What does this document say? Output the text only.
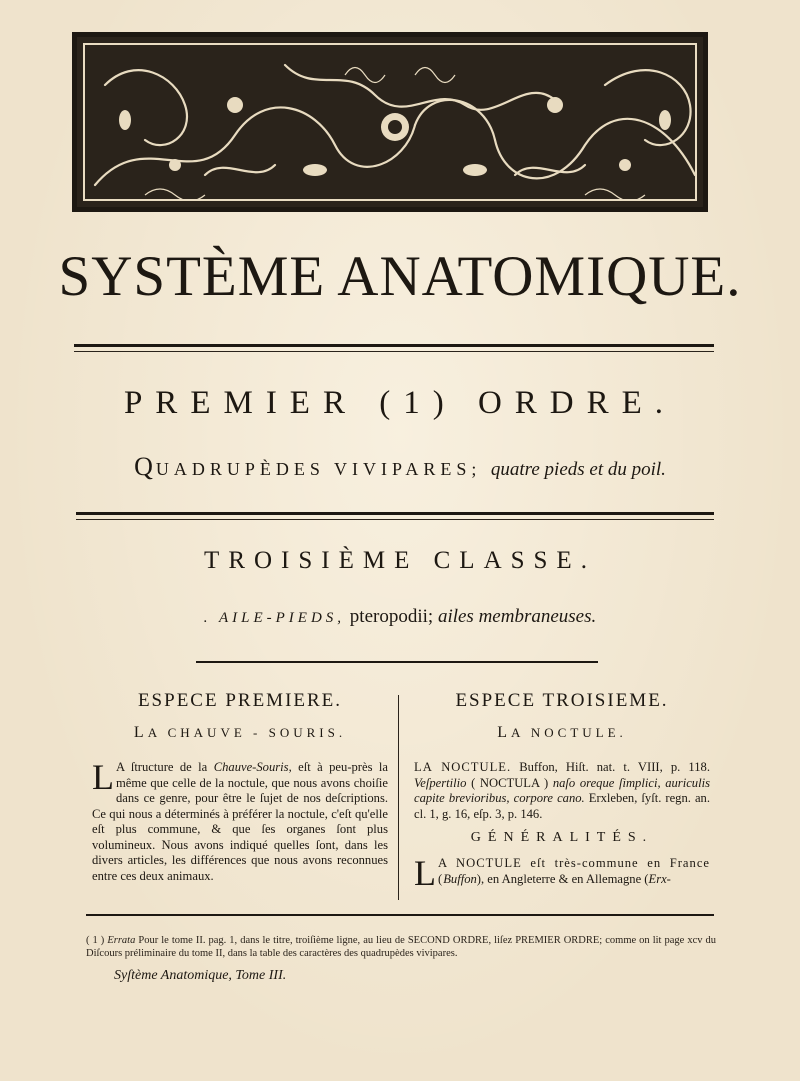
SYSTÈME ANATOMIQUE.
PREMIER (1) ORDRE.
QUADRUPÈDES VIVIPARES; quatre pieds et du poil.
TROISIÈME CLASSE.
. AILE-PIEDS, pteropodii; ailes membraneuses.
ESPECE PREMIERE.
LA CHAUVE - SOURIS.
L A ſtructure de la Chauve-Souris, eſt à peu-près la même que celle de la noctule, que nous avons choiſie dans ce genre, pour être le ſujet de nos deſcriptions. Ce qui nous a déterminés à préférer la noctule, c'eſt qu'elle eſt plus commune, & que ſes organes ſont plus volumineux. Nous avons indiqué quelles ſont, dans les divers articles, les différences que nous avons reconnues entre ces deux animaux.
ESPECE TROISIEME.
LA NOCTULE.
LA NOCTULE. Buffon, Hiſt. nat. t. VIII, p. 118. Veſpertilio ( NOCTULA ) naſo oreque ſimplici, auriculis capite brevioribus, corpore cano. Erxleben, ſyſt. regn. an. cl. 1, g. 16, eſp. 3, p. 146.
GÉNÉRALITÉS.
L A NOCTULE eſt très-commune en France (Buffon), en Angleterre & en Allemagne (Erx-
( 1 ) Errata Pour le tome II. pag. 1, dans le titre, troiſième ligne, au lieu de SECOND ORDRE, liſez PREMIER ORDRE; comme on lit page xcv du Diſcours préliminaire du tome II, dans la table des caractères des quadrupèdes vivipares.
Syſtème Anatomique, Tome III.
